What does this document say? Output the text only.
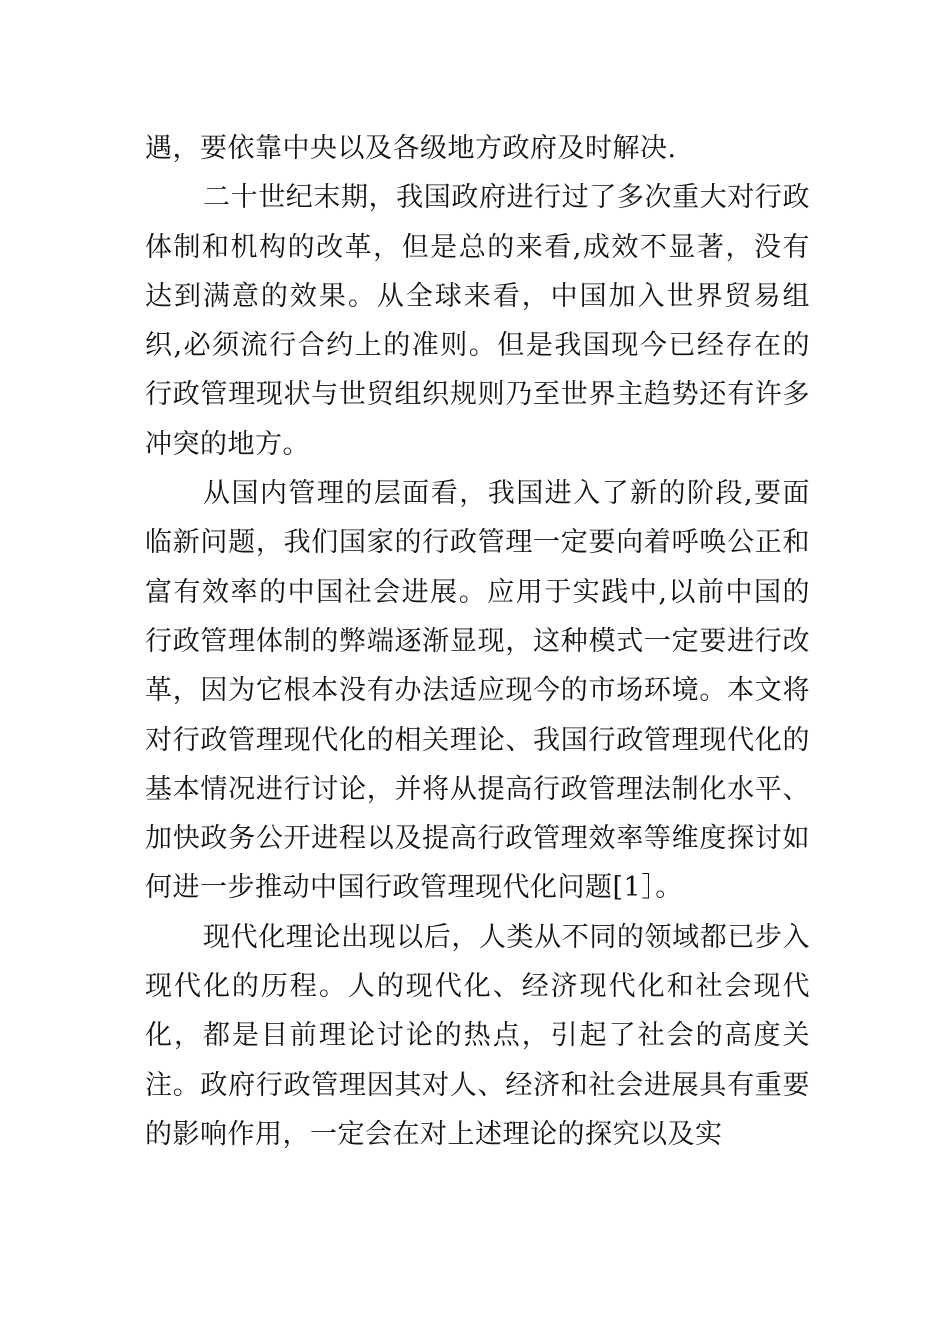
遇，要依靠中央以及各级地方政府及时解决.

二十世纪末期，我国政府进行过了多次重大对行政体制和机构的改革，但是总的来看,成效不显著，没有达到满意的效果。从全球来看，中国加入世界贸易组织,必须流行合约上的准则。但是我国现今已经存在的行政管理现状与世贸组织规则乃至世界主趋势还有许多冲突的地方。

从国内管理的层面看，我国进入了新的阶段,要面临新问题，我们国家的行政管理一定要向着呼唤公正和富有效率的中国社会进展。应用于实践中,以前中国的行政管理体制的弊端逐渐显现，这种模式一定要进行改革，因为它根本没有办法适应现今的市场环境。本文将对行政管理现代化的相关理论、我国行政管理现代化的基本情况进行讨论，并将从提高行政管理法制化水平、加快政务公开进程以及提高行政管理效率等维度探讨如何进一步推动中国行政管理现代化问题[1］。

现代化理论出现以后，人类从不同的领域都已步入现代化的历程。人的现代化、经济现代化和社会现代化，都是目前理论讨论的热点，引起了社会的高度关注。政府行政管理因其对人、经济和社会进展具有重要的影响作用，一定会在对上述理论的探究以及实
